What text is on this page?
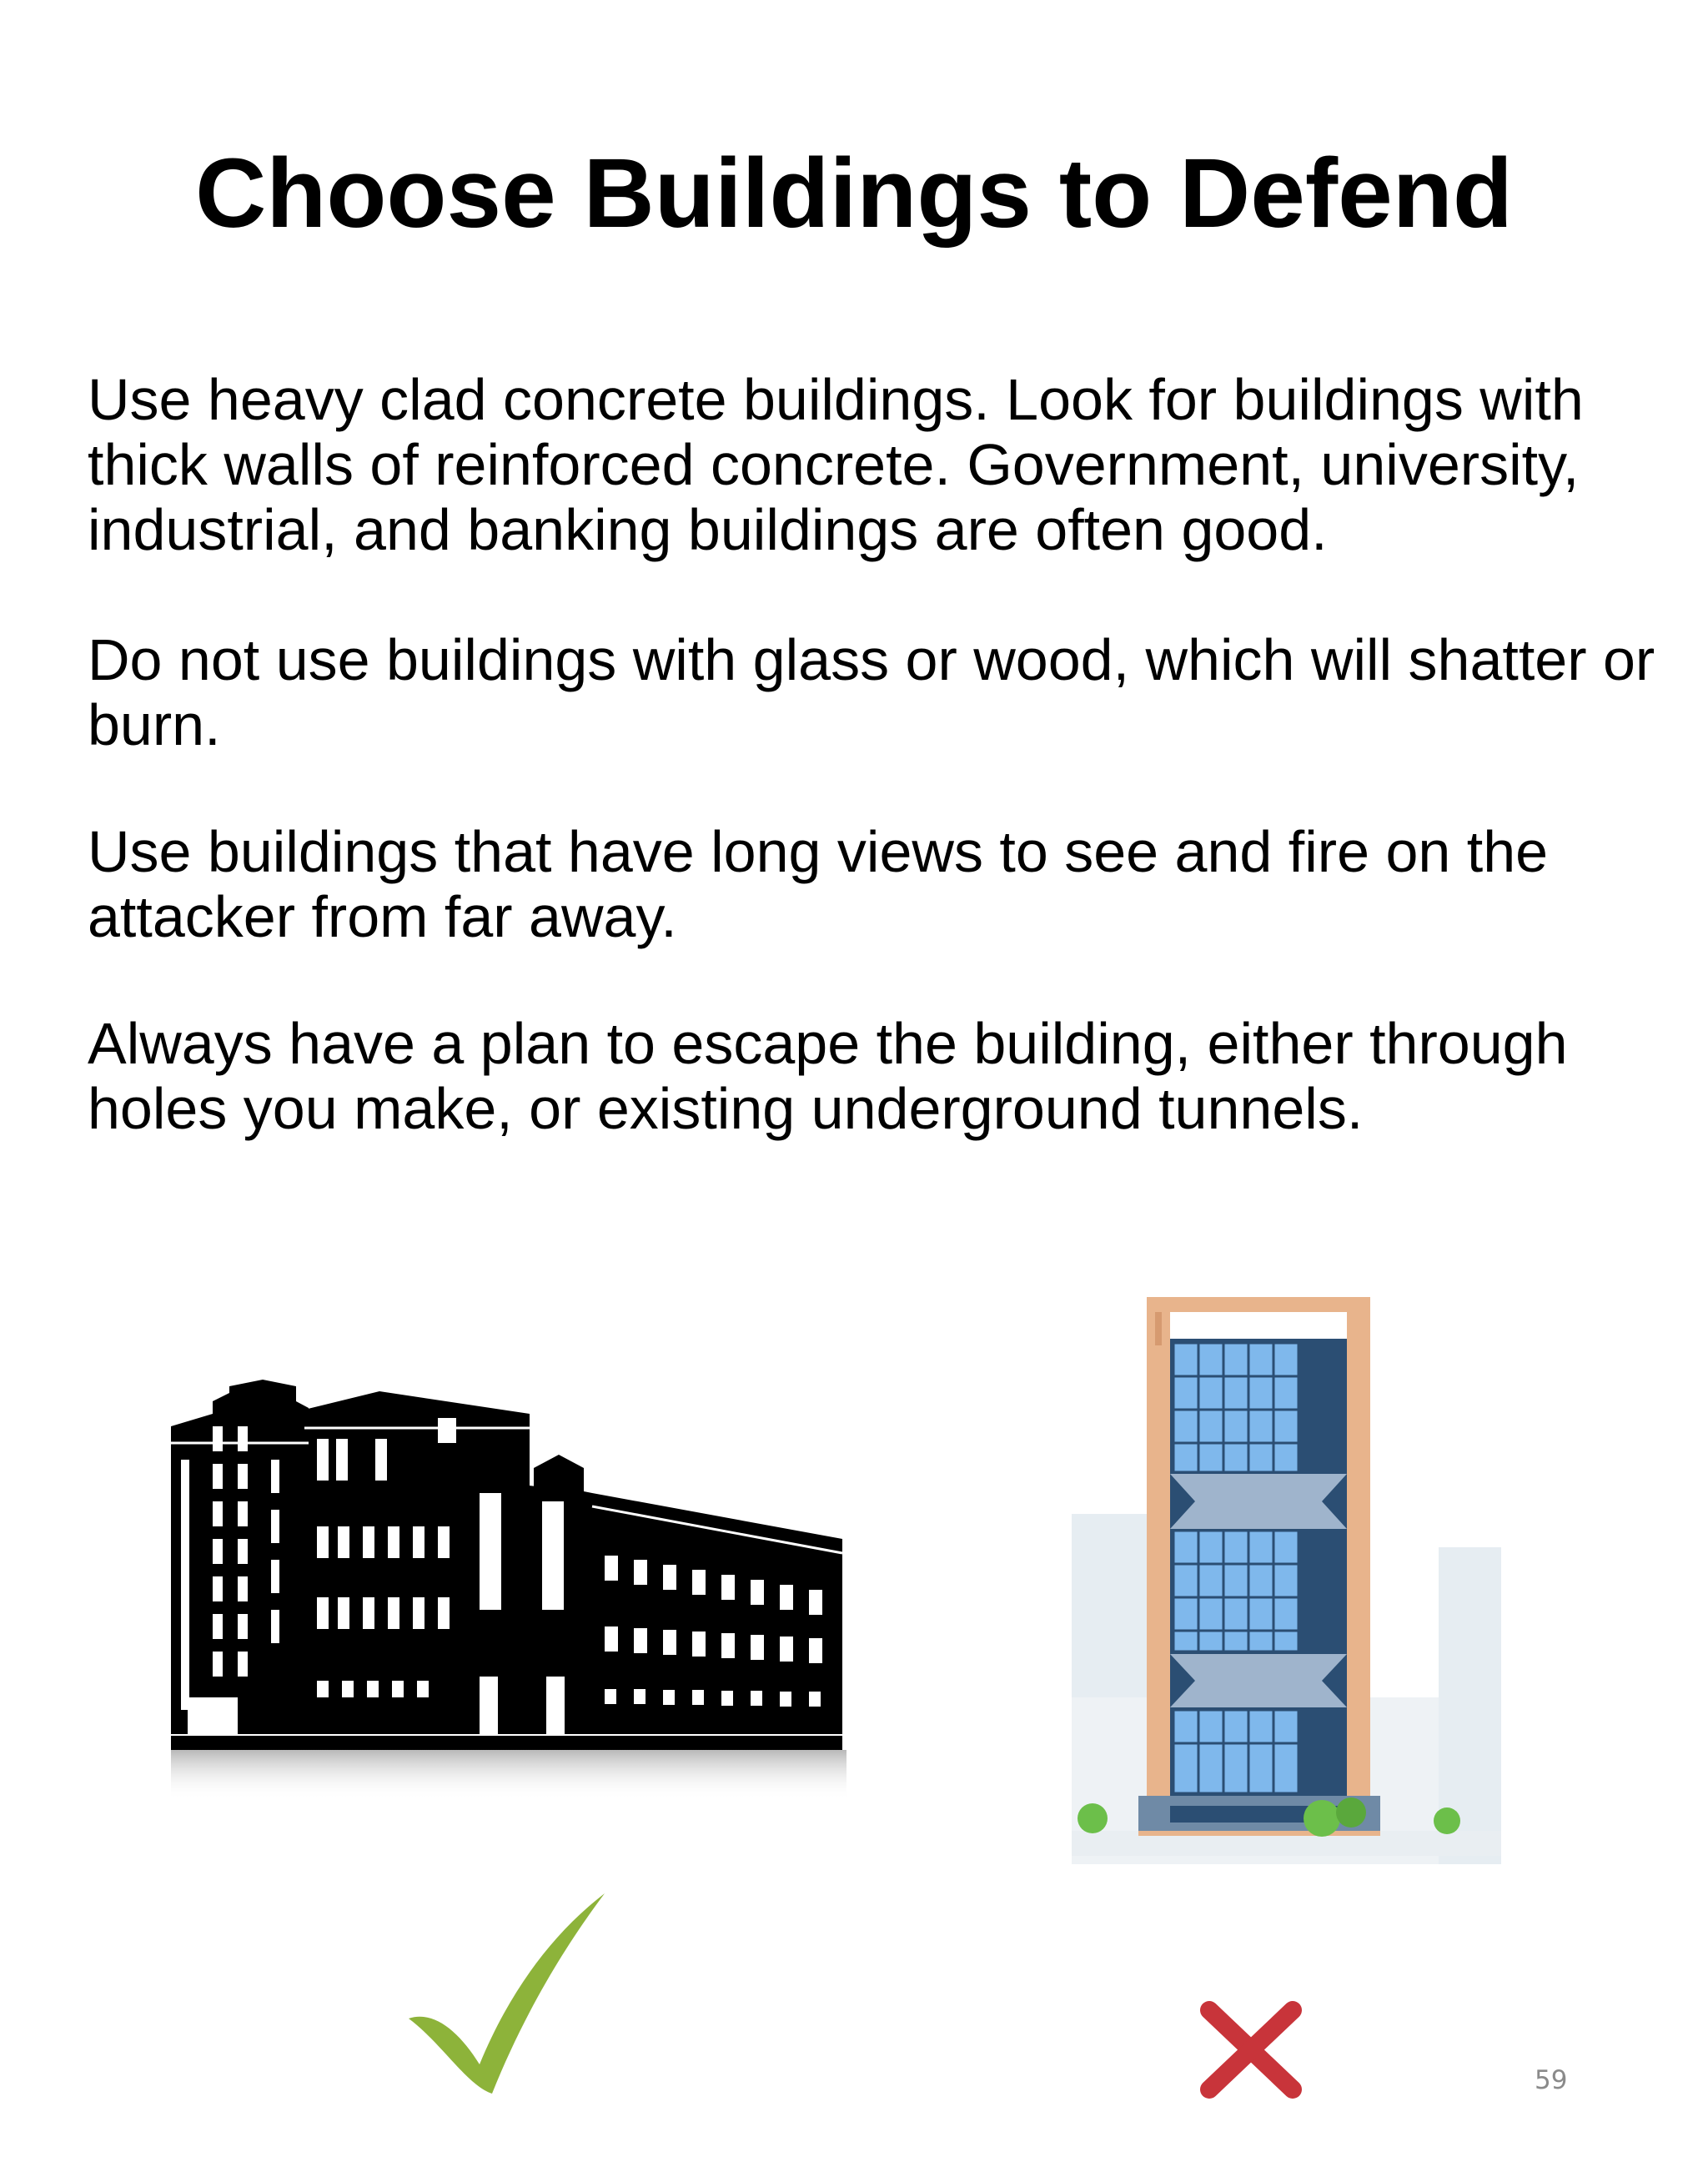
Choose Buildings to Defend

Use heavy clad concrete buildings. Look for buildings with thick walls of reinforced concrete. Government, university, industrial, and banking buildings are often good.

Do not use buildings with glass or wood, which will shatter or burn.

Use buildings that have long views to see and fire on the attacker from far away.

Always have a plan to escape the building, either through holes you make, or existing underground tunnels.

59
